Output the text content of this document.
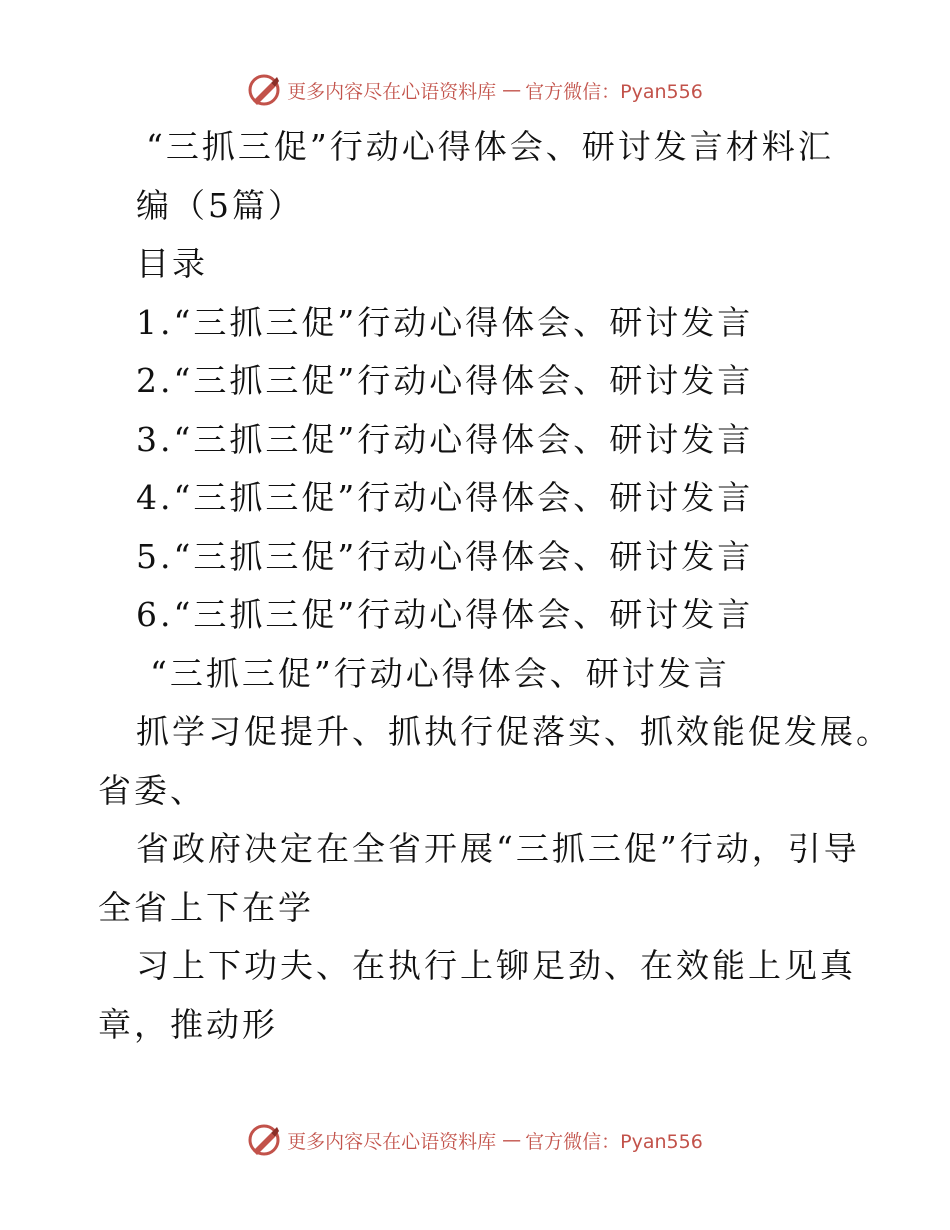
更多内容尽在心语资料库 — 官方微信：Pyan556
“三抓三促”行动心得体会、研讨发言材料汇
编（5篇）
目录
1.“三抓三促”行动心得体会、研讨发言
2.“三抓三促”行动心得体会、研讨发言
3.“三抓三促”行动心得体会、研讨发言
4.“三抓三促”行动心得体会、研讨发言
5.“三抓三促”行动心得体会、研讨发言
6.“三抓三促”行动心得体会、研讨发言
“三抓三促”行动心得体会、研讨发言
抓学习促提升、抓执行促落实、抓效能促发展。
省委、
省政府决定在全省开展“三抓三促”行动，引导
全省上下在学
习上下功夫、在执行上铆足劲、在效能上见真
章，推动形
更多内容尽在心语资料库 — 官方微信：Pyan556
